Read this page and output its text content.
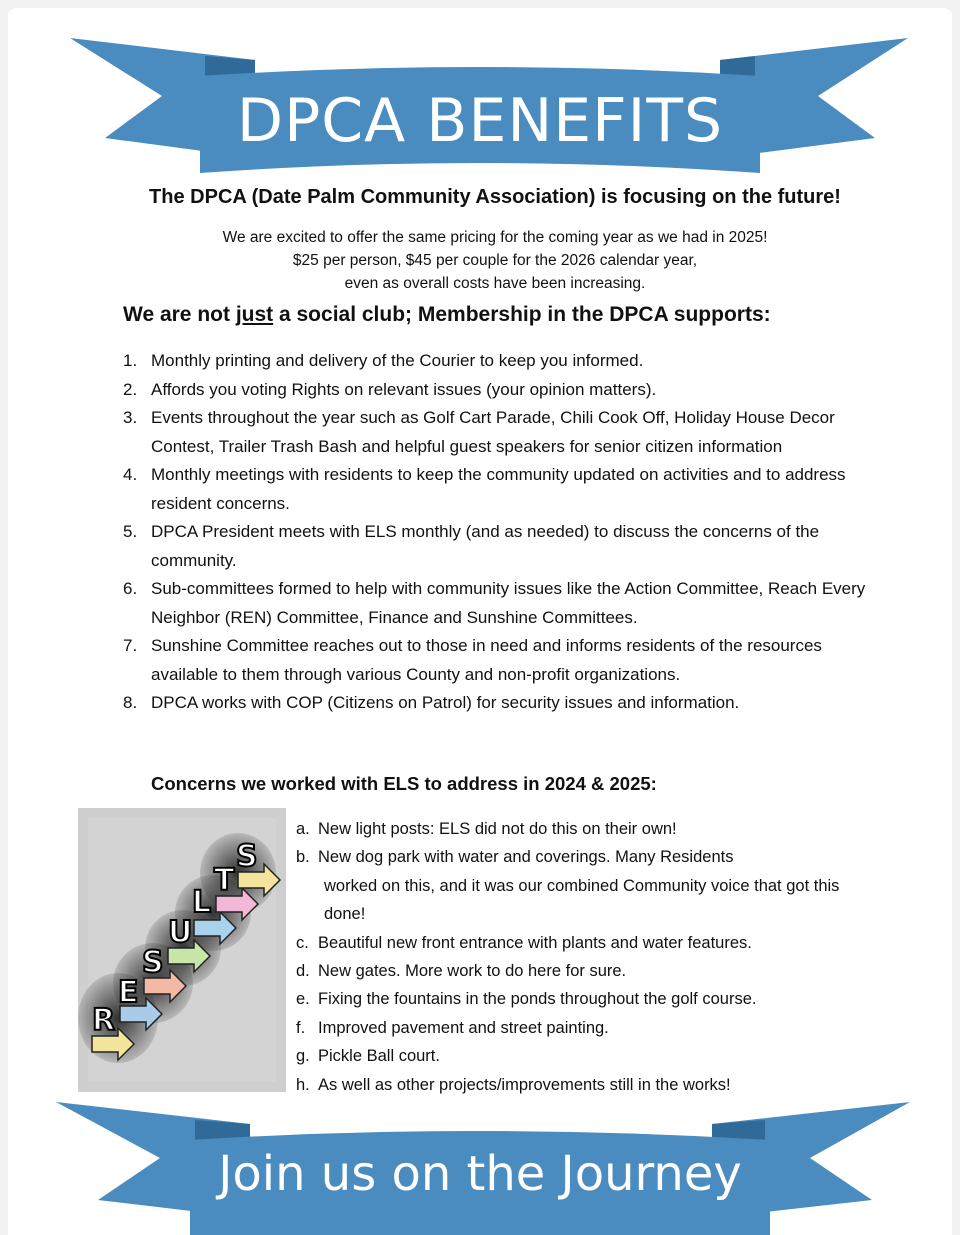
DPCA BENEFITS
The DPCA (Date Palm Community Association) is focusing on the future!
We are excited to offer the same pricing for the coming year as we had in 2025!
$25 per person, $45 per couple for the 2026 calendar year,
even as overall costs have been increasing.
We are not just a social club; Membership in the DPCA supports:
1. Monthly printing and delivery of the Courier to keep you informed.
2. Affords you voting Rights on relevant issues (your opinion matters).
3. Events throughout the year such as Golf Cart Parade, Chili Cook Off, Holiday House Decor Contest, Trailer Trash Bash and helpful guest speakers for senior citizen information
4. Monthly meetings with residents to keep the community updated on activities and to address resident concerns.
5. DPCA President meets with ELS monthly (and as needed) to discuss the concerns of the community.
6. Sub-committees formed to help with community issues like the Action Committee, Reach Every Neighbor (REN) Committee, Finance and Sunshine Committees.
7. Sunshine Committee reaches out to those in need and informs residents of the resources available to them through various County and non-profit organizations.
8. DPCA works with COP (Citizens on Patrol) for security issues and information.
Concerns we worked with ELS to address in 2024 & 2025:
R
E
S
U
L
T
S
a. New light posts: ELS did not do this on their own!
b. New dog park with water and coverings. Many Residents
worked on this, and it was our combined Community voice that got this done!
c. Beautiful new front entrance with plants and water features.
d. New gates. More work to do here for sure.
e. Fixing the fountains in the ponds throughout the golf course.
f. Improved pavement and street painting.
g. Pickle Ball court.
h. As well as other projects/improvements still in the works!
Join us on the Journey
